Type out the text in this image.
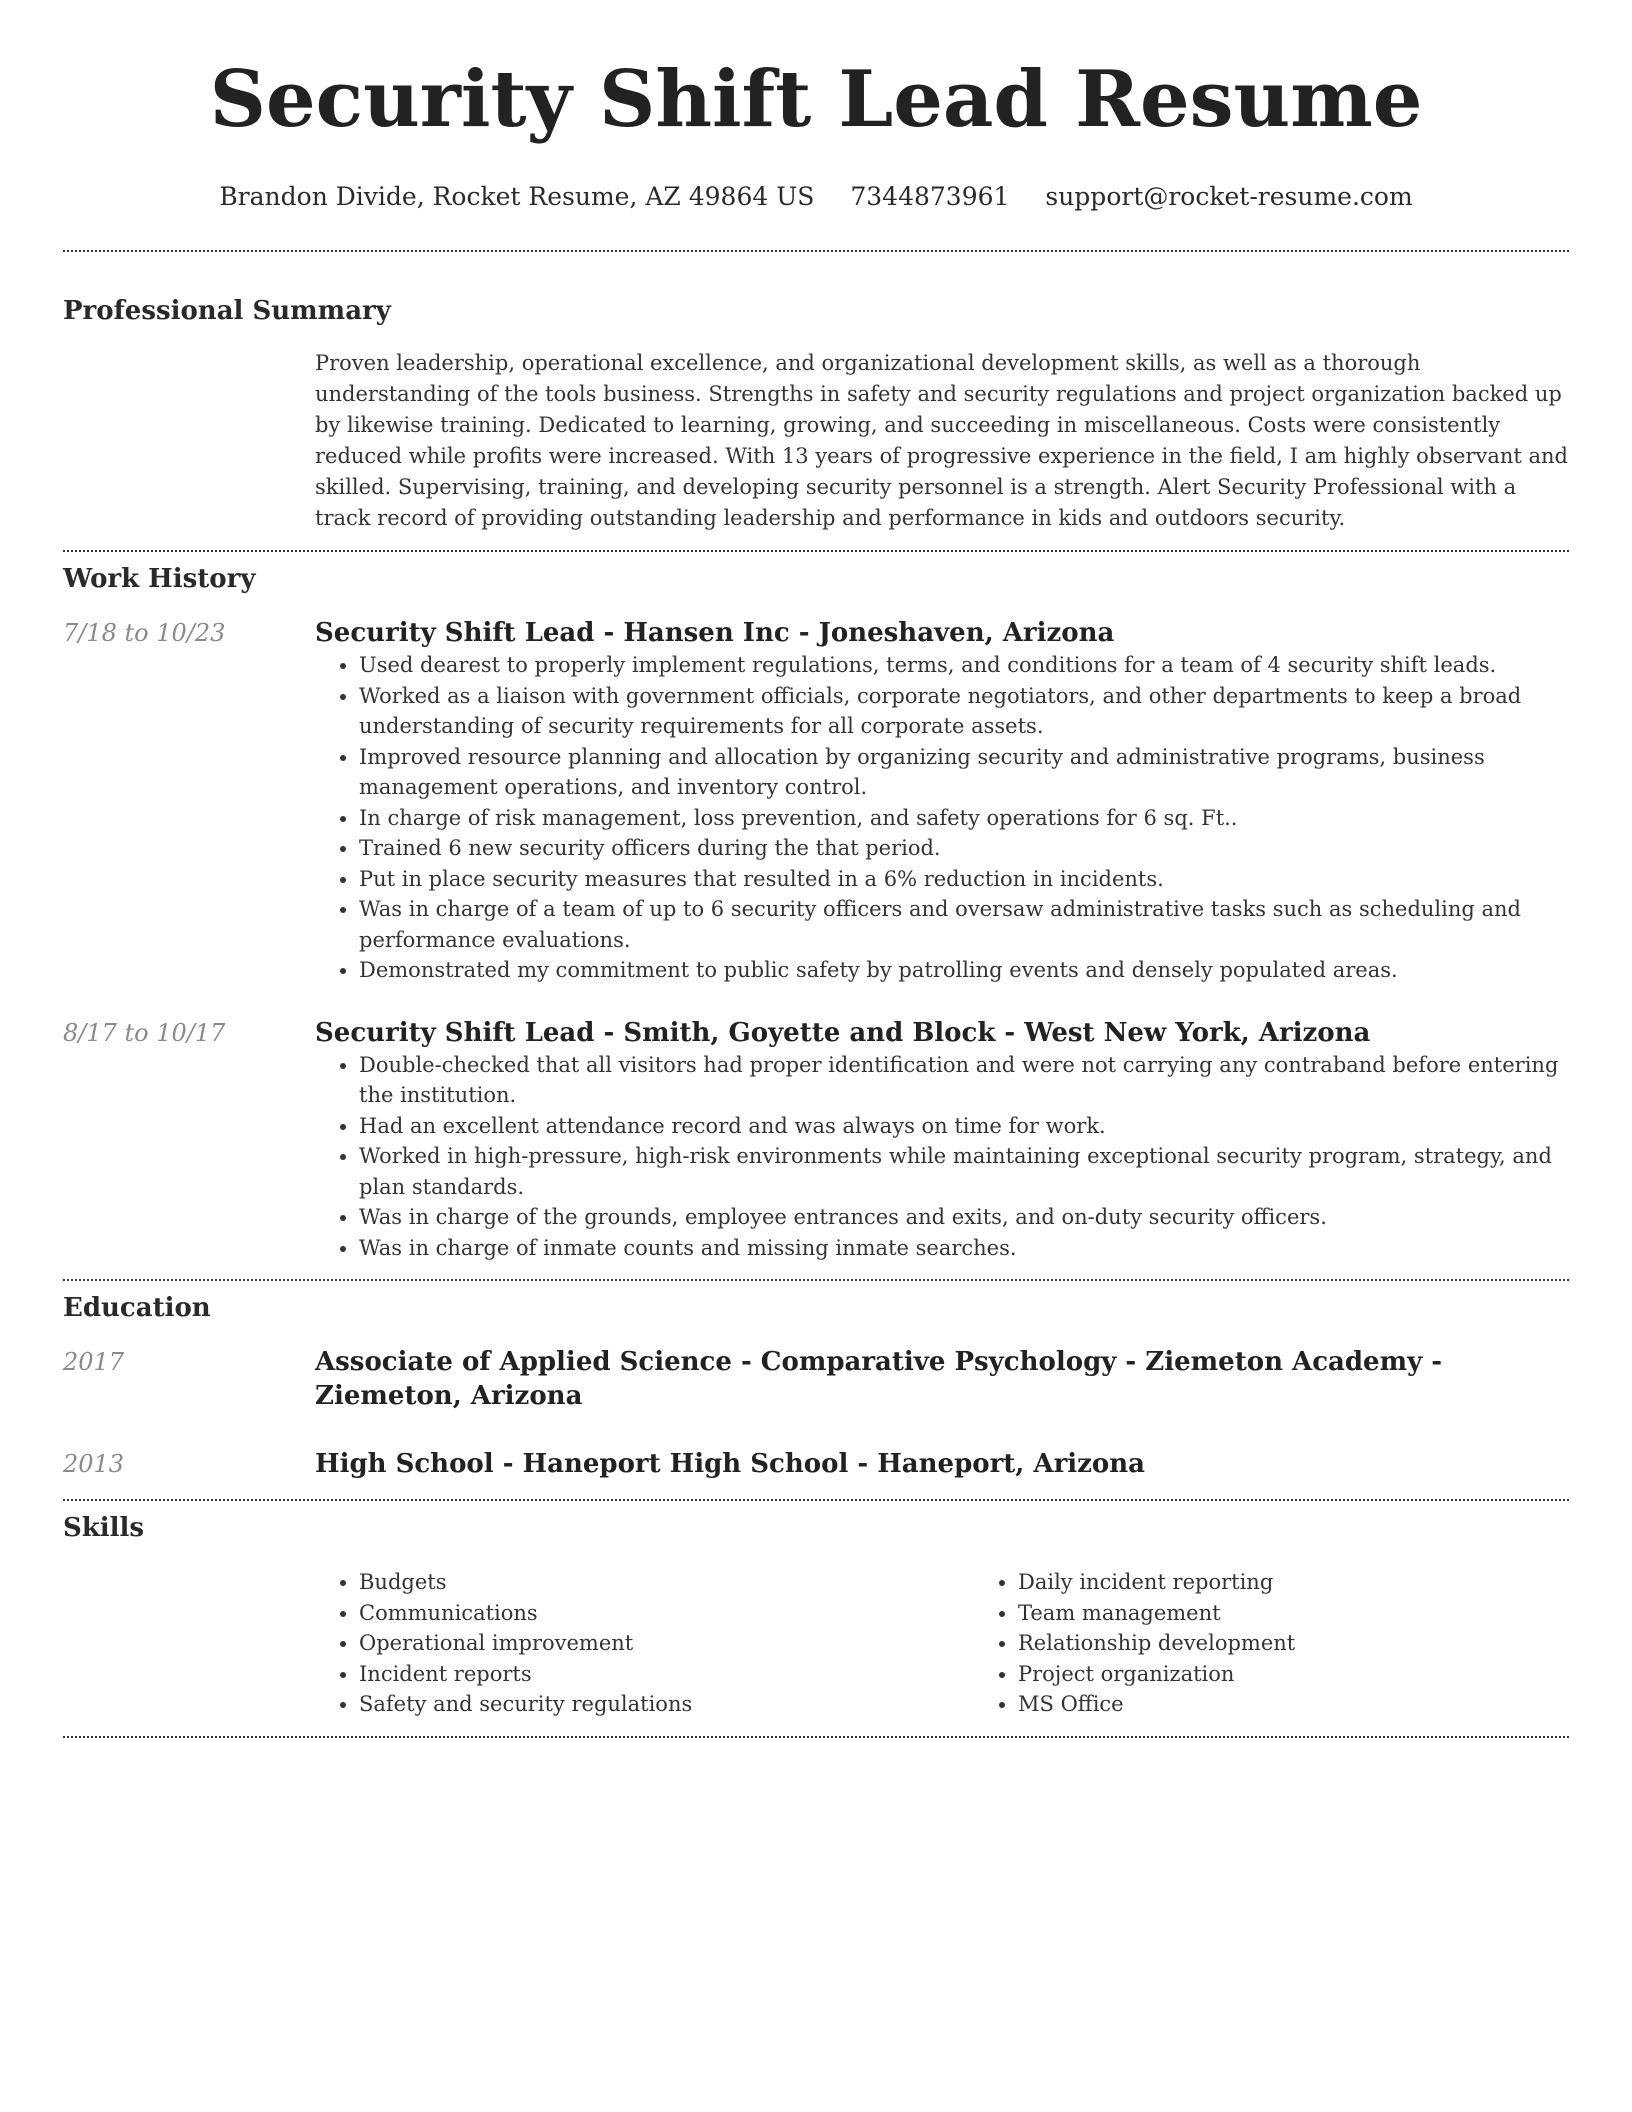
Security Shift Lead Resume
Brandon Divide, Rocket Resume, AZ 49864 US 7344873961 support@rocket-resume.com
Professional Summary

Proven leadership, operational excellence, and organizational development skills, as well as a thorough understanding of the tools business. Strengths in safety and security regulations and project organization backed up by likewise training. Dedicated to learning, growing, and succeeding in miscellaneous. Costs were consistently reduced while profits were increased. With 13 years of progressive experience in the field, I am highly observant and skilled. Supervising, training, and developing security personnel is a strength. Alert Security Professional with a track record of providing outstanding leadership and performance in kids and outdoors security.

Work History
7/18 to 10/23	Security Shift Lead - Hansen Inc - Joneshaven, Arizona
• Used dearest to properly implement regulations, terms, and conditions for a team of 4 security shift leads.
• Worked as a liaison with government officials, corporate negotiators, and other departments to keep a broad understanding of security requirements for all corporate assets.
• Improved resource planning and allocation by organizing security and administrative programs, business management operations, and inventory control.
• In charge of risk management, loss prevention, and safety operations for 6 sq. Ft..
• Trained 6 new security officers during the that period.
• Put in place security measures that resulted in a 6% reduction in incidents.
• Was in charge of a team of up to 6 security officers and oversaw administrative tasks such as scheduling and performance evaluations.
• Demonstrated my commitment to public safety by patrolling events and densely populated areas.
8/17 to 10/17	Security Shift Lead - Smith, Goyette and Block - West New York, Arizona
• Double-checked that all visitors had proper identification and were not carrying any contraband before entering the institution.
• Had an excellent attendance record and was always on time for work.
• Worked in high-pressure, high-risk environments while maintaining exceptional security program, strategy, and plan standards.
• Was in charge of the grounds, employee entrances and exits, and on-duty security officers.
• Was in charge of inmate counts and missing inmate searches.
Education
2017	Associate of Applied Science - Comparative Psychology - Ziemeton Academy - Ziemeton, Arizona
2013	High School - Haneport High School - Haneport, Arizona
Skills
• Budgets
• Communications
• Operational improvement
• Incident reports
• Safety and security regulations
• Daily incident reporting
• Team management
• Relationship development
• Project organization
• MS Office
